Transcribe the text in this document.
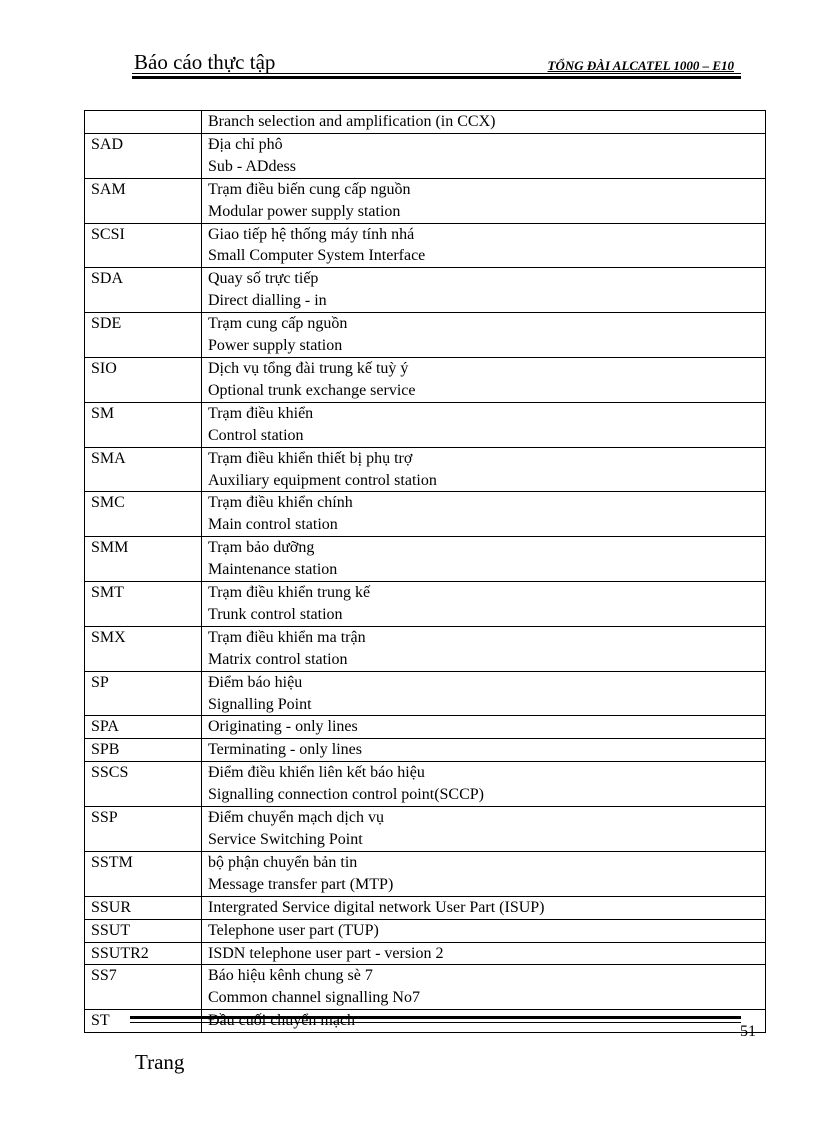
Báo cáo thực tập	TỔNG ĐÀI ALCATEL 1000 – E10

	Branch selection and amplification (in CCX)

SAD	Địa chỉ phô
Sub - ADdess

SAM	Trạm điều biến cung cấp nguồn
Modular power supply station

SCSI	Giao tiếp hệ thống máy tính nhá
Small Computer System Interface

SDA	Quay số trực tiếp
Direct dialling - in

SDE	Trạm cung cấp nguồn
Power supply station

SIO	Dịch vụ tổng đài trung kế tuỳ ý
Optional trunk exchange service

SM	Trạm điều khiển
Control station

SMA	Trạm điều khiển thiết bị phụ trợ
Auxiliary equipment control station

SMC	Trạm điều khiển chính
Main control station

SMM	Trạm bảo dưỡng
Maintenance station

SMT	Trạm điều khiển trung kế
Trunk control station

SMX	Trạm điều khiển ma trận
Matrix control station

SP	Điểm báo hiệu
Signalling Point

SPA	Originating - only lines

SPB	Terminating - only lines

SSCS	Điểm điều khiển liên kết báo hiệu
Signalling connection control point(SCCP)

SSP	Điểm chuyển mạch dịch vụ
Service Switching Point

SSTM	bộ phận chuyển bản tin
Message transfer part (MTP)

SSUR	Intergrated Service digital network User Part (ISUP)

SSUT	Telephone user part (TUP)

SSUTR2	ISDN telephone user part - version 2

SS7	Báo hiệu kênh chung sè 7
Common channel signalling No7

ST	Đầu cuối chuyển mạch
51
Trang
